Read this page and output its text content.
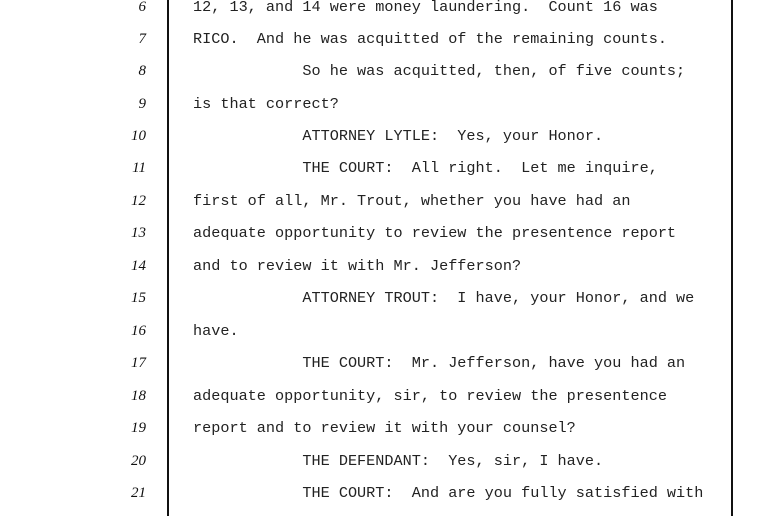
6	12, 13, and 14 were money laundering.  Count 16 was
7	RICO.  And he was acquitted of the remaining counts.
8	So he was acquitted, then, of five counts;
9	is that correct?
10	ATTORNEY LYTLE:  Yes, your Honor.
11	THE COURT:  All right.  Let me inquire,
12	first of all, Mr. Trout, whether you have had an
13	adequate opportunity to review the presentence report
14	and to review it with Mr. Jefferson?
15	ATTORNEY TROUT:  I have, your Honor, and we
16	have.
17	THE COURT:  Mr. Jefferson, have you had an
18	adequate opportunity, sir, to review the presentence
19	report and to review it with your counsel?
20	THE DEFENDANT:  Yes, sir, I have.
21	THE COURT:  And are you fully satisfied with
